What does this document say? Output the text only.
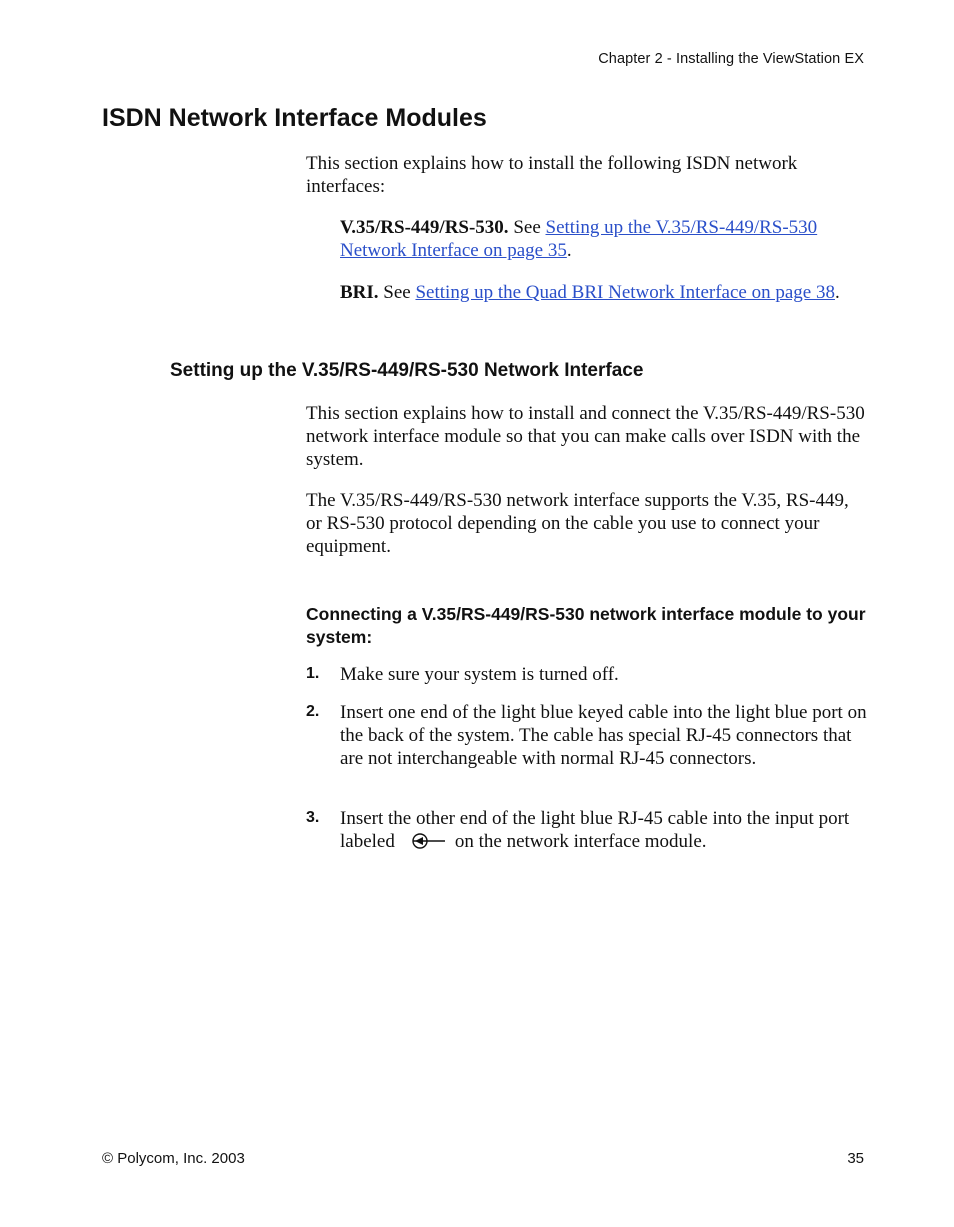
Chapter 2 - Installing the ViewStation EX
ISDN Network Interface Modules

This section explains how to install the following ISDN network interfaces:

V.35/RS-449/RS-530. See Setting up the V.35/RS-449/RS-530 Network Interface on page 35.

BRI. See Setting up the Quad BRI Network Interface on page 38.

Setting up the V.35/RS-449/RS-530 Network Interface

This section explains how to install and connect the V.35/RS-449/RS-530 network interface module so that you can make calls over ISDN with the system.

The V.35/RS-449/RS-530 network interface supports the V.35, RS-449, or RS-530 protocol depending on the cable you use to connect your equipment.

Connecting a V.35/RS-449/RS-530 network interface module to your system:

1. Make sure your system is turned off.

2. Insert one end of the light blue keyed cable into the light blue port on the back of the system. The cable has special RJ-45 connectors that are not interchangeable with normal RJ-45 connectors.

3. Insert the other end of the light blue RJ-45 cable into the input port labeled	on the network interface module.

© Polycom, Inc. 2003	35
